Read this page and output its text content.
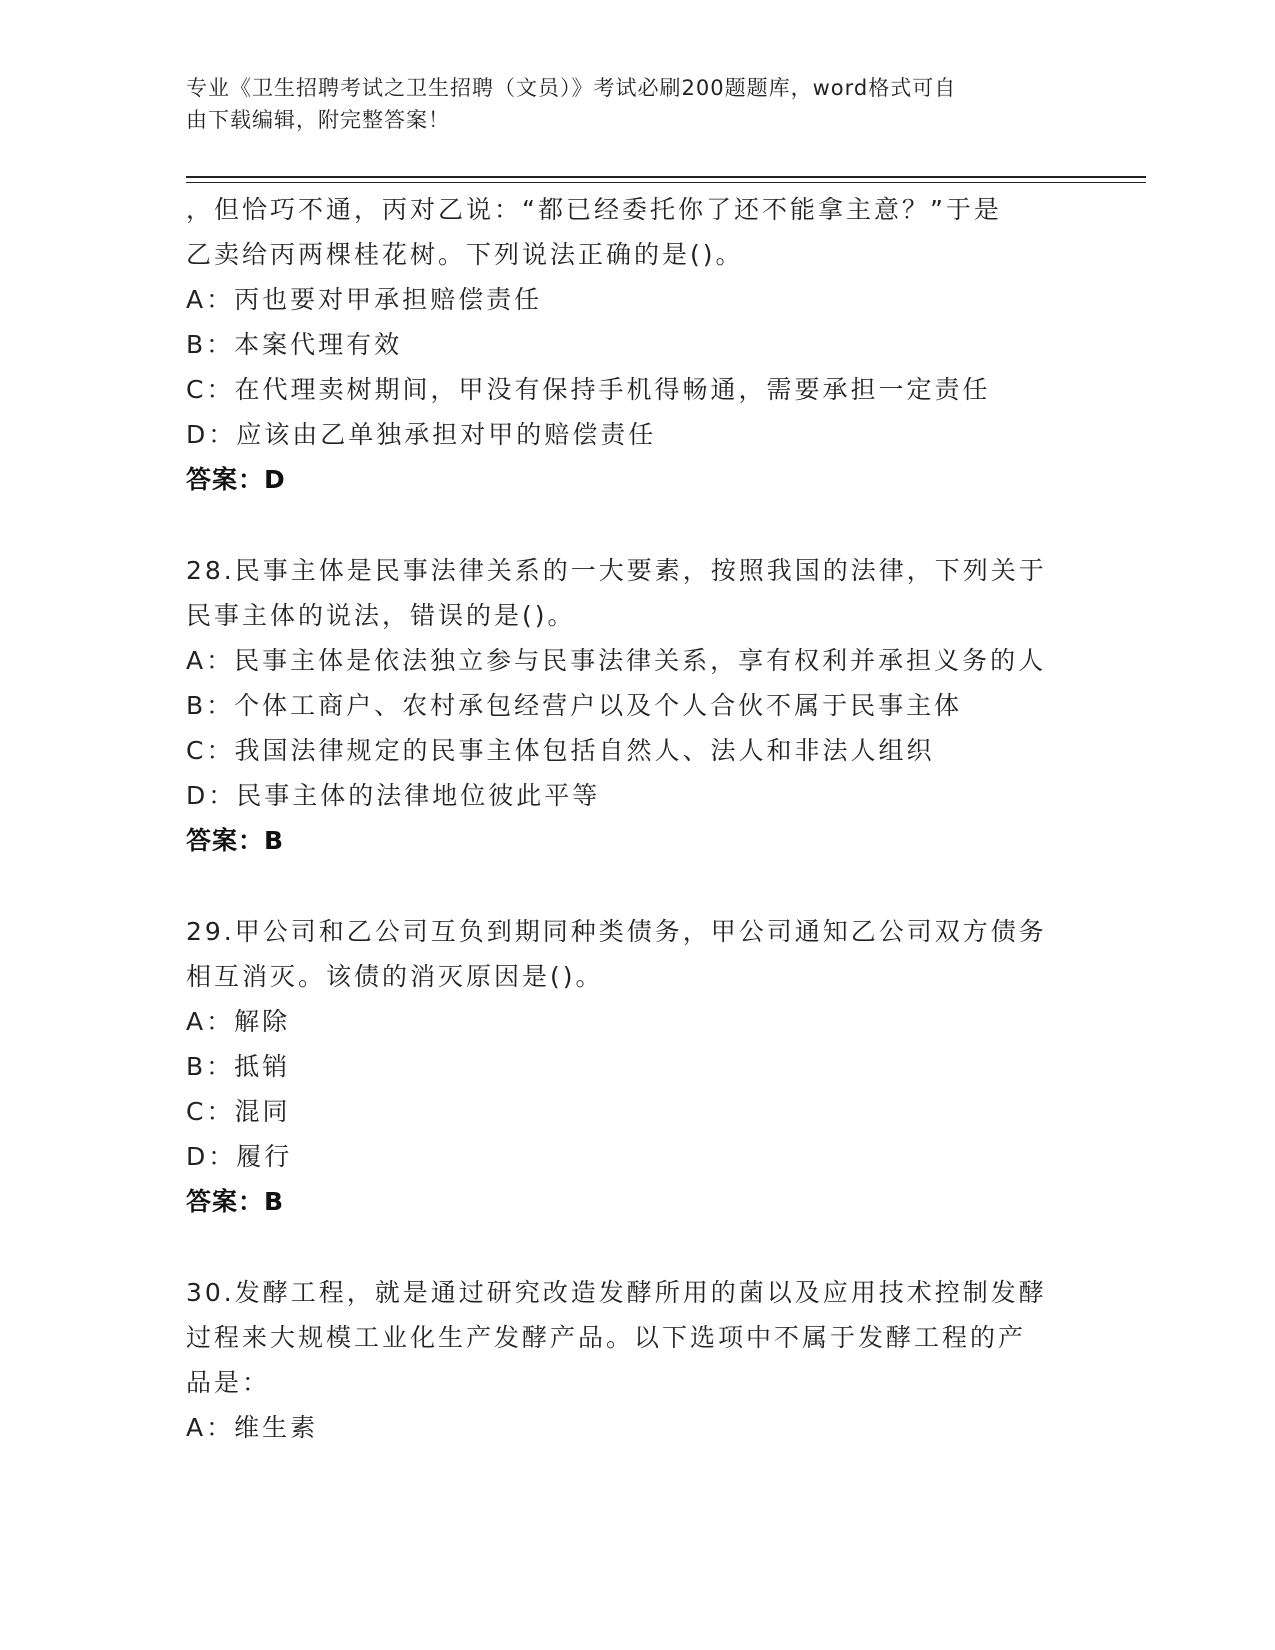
专业《卫生招聘考试之卫生招聘（文员）》考试必刷200题题库，word格式可自
由下载编辑，附完整答案！
，但恰巧不通，丙对乙说：“都已经委托你了还不能拿主意？”于是
乙卖给丙两棵桂花树。下列说法正确的是()。
A：丙也要对甲承担赔偿责任
B：本案代理有效
C：在代理卖树期间，甲没有保持手机得畅通，需要承担一定责任
D：应该由乙单独承担对甲的赔偿责任
答案：D
28.民事主体是民事法律关系的一大要素，按照我国的法律，下列关于
民事主体的说法，错误的是()。
A：民事主体是依法独立参与民事法律关系，享有权利并承担义务的人
B：个体工商户、农村承包经营户以及个人合伙不属于民事主体
C：我国法律规定的民事主体包括自然人、法人和非法人组织
D：民事主体的法律地位彼此平等
答案：B
29.甲公司和乙公司互负到期同种类债务，甲公司通知乙公司双方债务
相互消灭。该债的消灭原因是()。
A：解除
B：抵销
C：混同
D：履行
答案：B
30.发酵工程，就是通过研究改造发酵所用的菌以及应用技术控制发酵
过程来大规模工业化生产发酵产品。以下选项中不属于发酵工程的产
品是：
A：维生素
